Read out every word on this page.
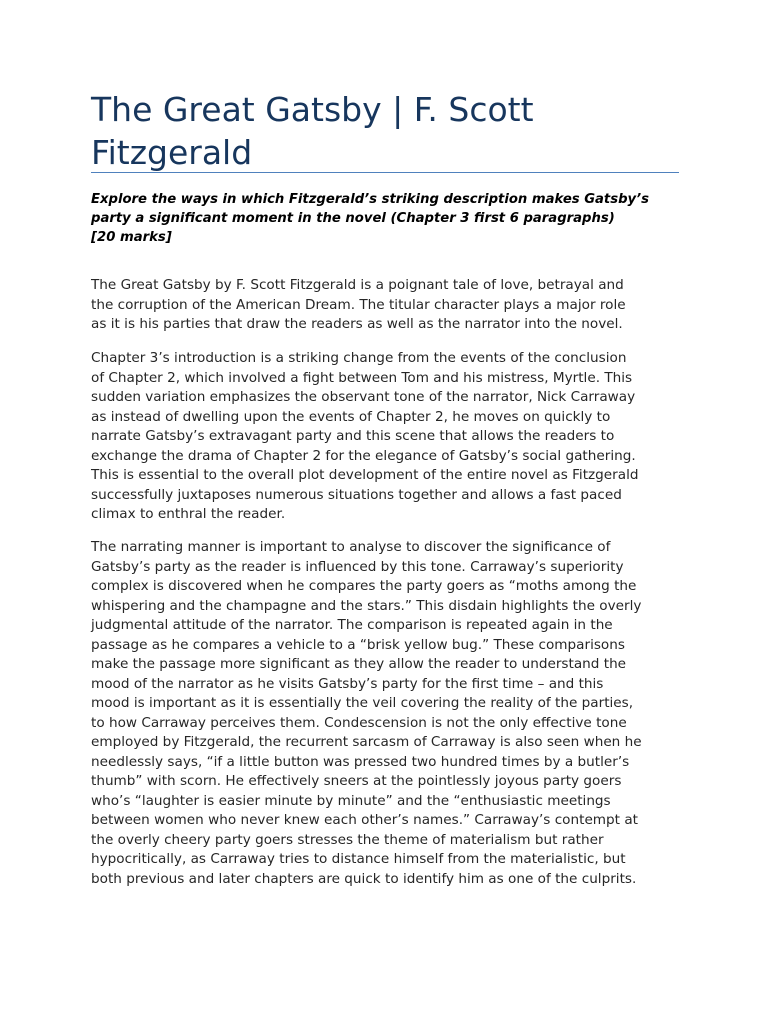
The Great Gatsby | F. Scott Fitzgerald

Explore the ways in which Fitzgerald’s striking description makes Gatsby’s
party a significant moment in the novel (Chapter 3 first 6 paragraphs)
[20 marks]

The Great Gatsby by F. Scott Fitzgerald is a poignant tale of love, betrayal and
the corruption of the American Dream. The titular character plays a major role
as it is his parties that draw the readers as well as the narrator into the novel.

Chapter 3’s introduction is a striking change from the events of the conclusion
of Chapter 2, which involved a fight between Tom and his mistress, Myrtle. This
sudden variation emphasizes the observant tone of the narrator, Nick Carraway
as instead of dwelling upon the events of Chapter 2, he moves on quickly to
narrate Gatsby’s extravagant party and this scene that allows the readers to
exchange the drama of Chapter 2 for the elegance of Gatsby’s social gathering.
This is essential to the overall plot development of the entire novel as Fitzgerald
successfully juxtaposes numerous situations together and allows a fast paced
climax to enthral the reader.

The narrating manner is important to analyse to discover the significance of
Gatsby’s party as the reader is influenced by this tone. Carraway’s superiority
complex is discovered when he compares the party goers as “moths among the
whispering and the champagne and the stars.” This disdain highlights the overly
judgmental attitude of the narrator. The comparison is repeated again in the
passage as he compares a vehicle to a “brisk yellow bug.” These comparisons
make the passage more significant as they allow the reader to understand the
mood of the narrator as he visits Gatsby’s party for the first time – and this
mood is important as it is essentially the veil covering the reality of the parties,
to how Carraway perceives them. Condescension is not the only effective tone
employed by Fitzgerald, the recurrent sarcasm of Carraway is also seen when he
needlessly says, “if a little button was pressed two hundred times by a butler’s
thumb” with scorn. He effectively sneers at the pointlessly joyous party goers
who’s “laughter is easier minute by minute” and the “enthusiastic meetings
between women who never knew each other’s names.” Carraway’s contempt at
the overly cheery party goers stresses the theme of materialism but rather
hypocritically, as Carraway tries to distance himself from the materialistic, but
both previous and later chapters are quick to identify him as one of the culprits.
